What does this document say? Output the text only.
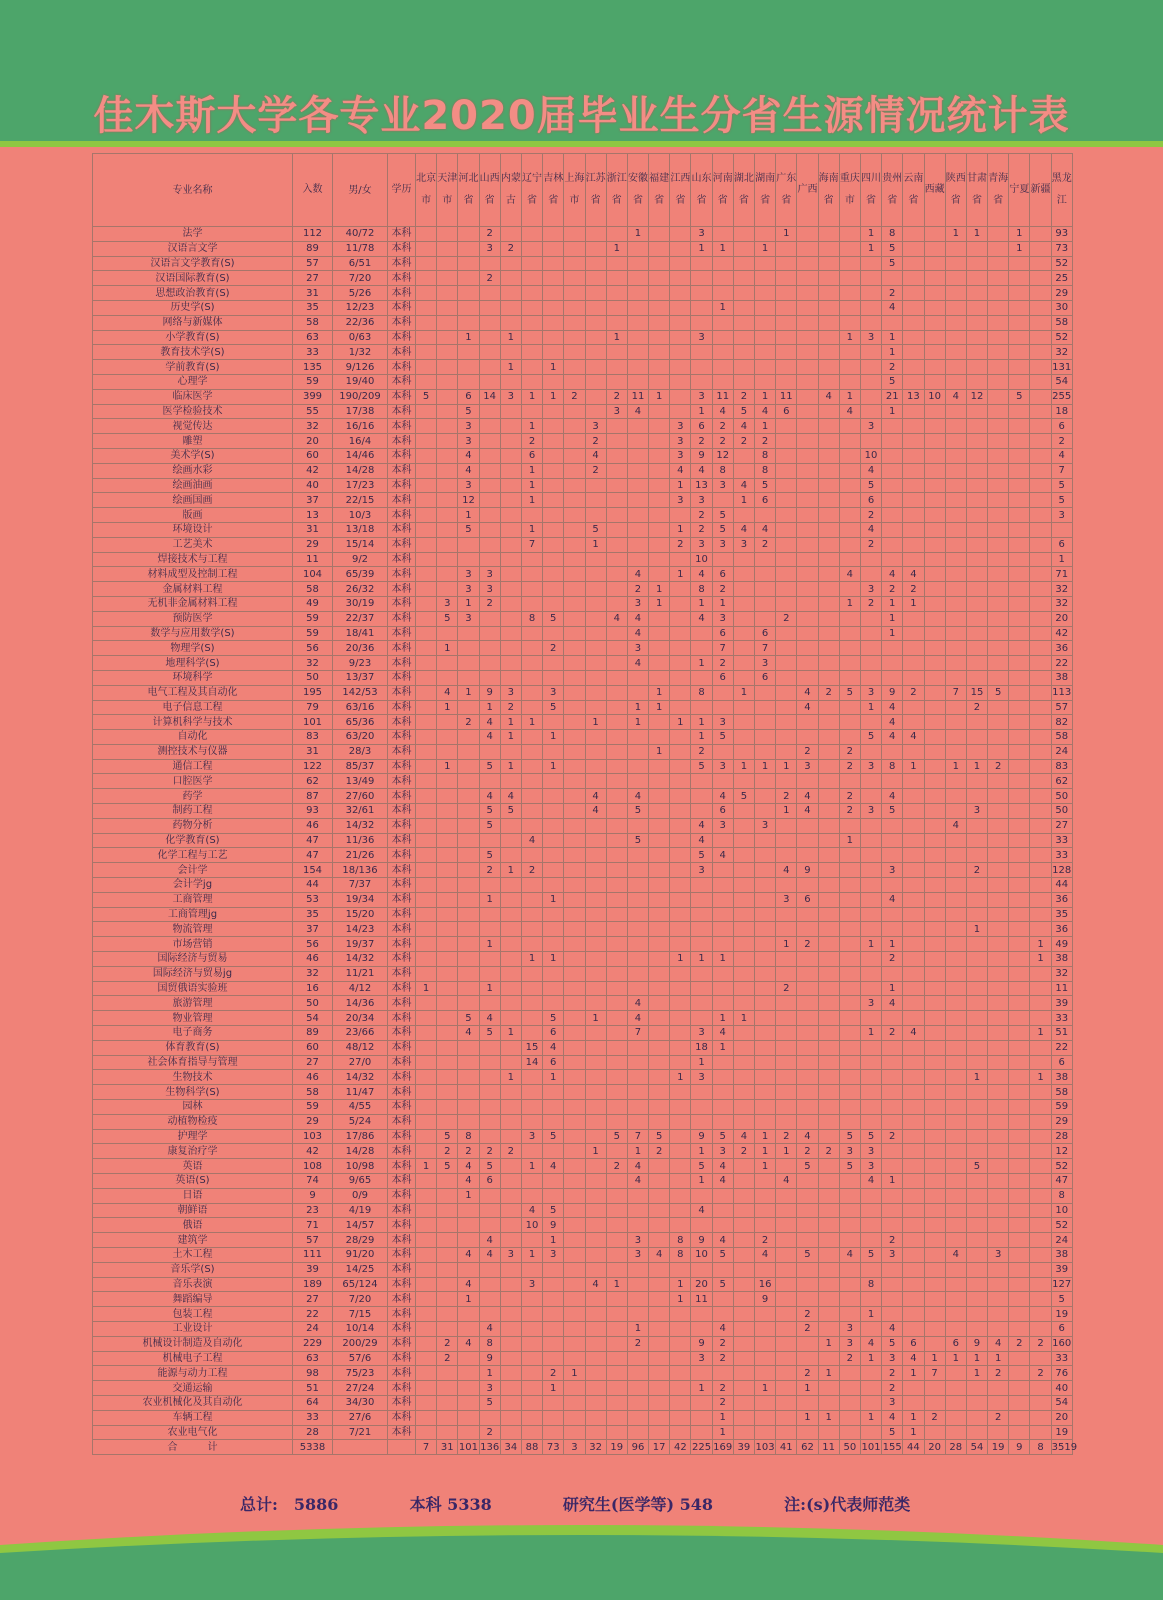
佳木斯大学各专业2020届毕业生分省生源情况统计表
专业名称	入数	男/女	学历	北京市	天津市	河北省	山西省	内蒙古	辽宁省	吉林省	上海市	江苏省	浙江省	安徽省	福建省	江西省	山东省	河南省	湖北省	湖南省	广东省	广西	海南省	重庆市	四川省	贵州省	云南省	西藏	陕西省	甘肃省	青海省	宁夏	新疆	黑龙江
法学	112	40/72	本科				2							1			3				1				1	8			1	1		1		93
汉语言文学	89	11/78	本科				3	2					1				1	1		1					1	5						1		73
汉语言文学教育(S)	57	6/51	本科																							5								52
汉语国际教育(S)	27	7/20	本科				2																											25
思想政治教育(S)	31	5/26	本科																							2								29
历史学(S)	35	12/23	本科															1								4								30
网络与新媒体	58	22/36	本科																															58
小学教育(S)	63	0/63	本科			1		1					1				3							1	3	1								52
教育技术学(S)	33	1/32	本科																							1								32
学前教育(S)	135	9/126	本科					1		1																2								131
心理学	59	19/40	本科																							5								54
临床医学	399	190/209	本科	5		6	14	3	1	1	2		2	11	1		3	11	2	1	11		4	1		21	13	10	4	12		5		255
医学检验技术	55	17/38	本科			5							3	4			1	4	5	4	6			4		1								18
视觉传达	32	16/16	本科			3			1			3				3	6	2	4	1					3									6
雕塑	20	16/4	本科			3			2			2				3	2	2	2	2														2
美术学(S)	60	14/46	本科			4			6			4				3	9	12		8					10									4
绘画水彩	42	14/28	本科			4			1			2				4	4	8		8					4									7
绘画油画	40	17/23	本科			3			1							1	13	3	4	5					5									5
绘画国画	37	22/15	本科			12			1							3	3		1	6					6									5
版画	13	10/3	本科			1											2	5							2									3
环境设计	31	13/18	本科			5			1			5				1	2	5	4	4					4									
工艺美术	29	15/14	本科						7			1				2	3	3	3	2					2									6
焊接技术与工程	11	9/2	本科														10																	1
材料成型及控制工程	104	65/39	本科			3	3							4		1	4	6						4		4	4							71
金属材料工程	58	26/32	本科			3	3							2	1		8	2							3	2	2							32
无机非金属材料工程	49	30/19	本科		3	1	2							3	1		1	1						1	2	1	1							32
预防医学	59	22/37	本科		5	3			8	5			4	4			4	3			2					1								20
数学与应用数学(S)	59	18/41	本科											4				6		6						1								42
物理学(S)	56	20/36	本科		1					2				3				7		7														36
地理科学(S)	32	9/23	本科											4			1	2		3														22
环境科学	50	13/37	本科															6		6														38
电气工程及其自动化	195	142/53	本科		4	1	9	3		3					1		8		1			4	2	5	3	9	2		7	15	5			113
电子信息工程	79	63/16	本科		1		1	2		5				1	1							4			1	4				2				57
计算机科学与技术	101	65/36	本科			2	4	1	1			1		1		1	1	3								4								82
自动化	83	63/20	本科				4	1		1							1	5							5	4	4							58
测控技术与仪器	31	28/3	本科												1		2					2		2										24
通信工程	122	85/37	本科		1		5	1		1							5	3	1	1	1	3		2	3	8	1		1	1	2			83
口腔医学	62	13/49	本科																															62
药学	87	27/60	本科				4	4				4		4				4	5		2	4		2		4								50
制药工程	93	32/61	本科				5	5				4		5				6			1	4		2	3	5				3				50
药物分析	46	14/32	本科				5										4	3		3									4					27
化学教育(S)	47	11/36	本科						4					5			4							1										33
化学工程与工艺	47	21/26	本科				5										5	4																33
会计学	154	18/136	本科				2	1	2								3				4	9				3				2				128
会计学jg	44	7/37	本科																															44
工商管理	53	19/34	本科				1			1											3	6				4								36
工商管理jg	35	15/20	本科																															35
物流管理	37	14/23	本科																											1				36
市场营销	56	19/37	本科				1														1	2			1	1							1	49
国际经济与贸易	46	14/32	本科						1	1						1	1	1								2							1	38
国际经济与贸易jg	32	11/21	本科																															32
国贸俄语实验班	16	4/12	本科	1			1														2					1								11
旅游管理	50	14/36	本科											4											3	4								39
物业管理	54	20/34	本科			5	4			5		1		4				1	1															33
电子商务	89	23/66	本科			4	5	1		6				7			3	4							1	2	4						1	51
体育教育(S)	60	48/12	本科						15	4							18	1																22
社会体育指导与管理	27	27/0	本科						14	6							1																	6
生物技术	46	14/32	本科					1		1						1	3													1			1	38
生物科学(S)	58	11/47	本科																															58
园林	59	4/55	本科																															59
动植物检疫	29	5/24	本科																															29
护理学	103	17/86	本科		5	8			3	5			5	7	5		9	5	4	1	2	4		5	5	2								28
康复治疗学	42	14/28	本科		2	2	2	2				1		1	2		1	3	2	1	1	2	2	3	3									12
英语	108	10/98	本科	1	5	4	5		1	4			2	4			5	4		1		5		5	3					5				52
英语(S)	74	9/65	本科			4	6							4			1	4			4				4	1								47
日语	9	0/9	本科			1																												8
朝鲜语	23	4/19	本科						4	5							4																	10
俄语	71	14/57	本科						10	9																								52
建筑学	57	28/29	本科				4			1				3		8	9	4		2						2								24
土木工程	111	91/20	本科			4	4	3	1	3				3	4	8	10	5		4		5		4	5	3			4		3			38
音乐学(S)	39	14/25	本科																															39
音乐表演	189	65/124	本科			4			3			4	1			1	20	5		16					8									127
舞蹈编导	27	7/20	本科			1										1	11			9														5
包装工程	22	7/15	本科																			2			1									19
工业设计	24	10/14	本科				4							1				4				2		3		4								6
机械设计制造及自动化	229	200/29	本科		2	4	8							2			9	2					1	3	4	5	6		6	9	4	2	2	160
机械电子工程	63	57/6	本科		2		9										3	2						2	1	3	4	1	1	1	1			33
能源与动力工程	98	75/23	本科				1			2	1											2	1			2	1	7		1	2		2	76
交通运输	51	27/24	本科				3			1							1	2		1		1				2								40
农业机械化及其自动化	64	34/30	本科				5											2								3								54
车辆工程	33	27/6	本科															1				1	1		1	4	1	2			2			20
农业电气化	28	7/21	本科				2											1								5	1							19
合　　　计	5338			7	31	101	136	34	88	73	3	32	19	96	17	42	225	169	39	103	41	62	11	50	101	155	44	20	28	54	19	9	8	3519
总计:　5886	本科 5338	研究生(医学等) 548	注:(s)代表师范类
